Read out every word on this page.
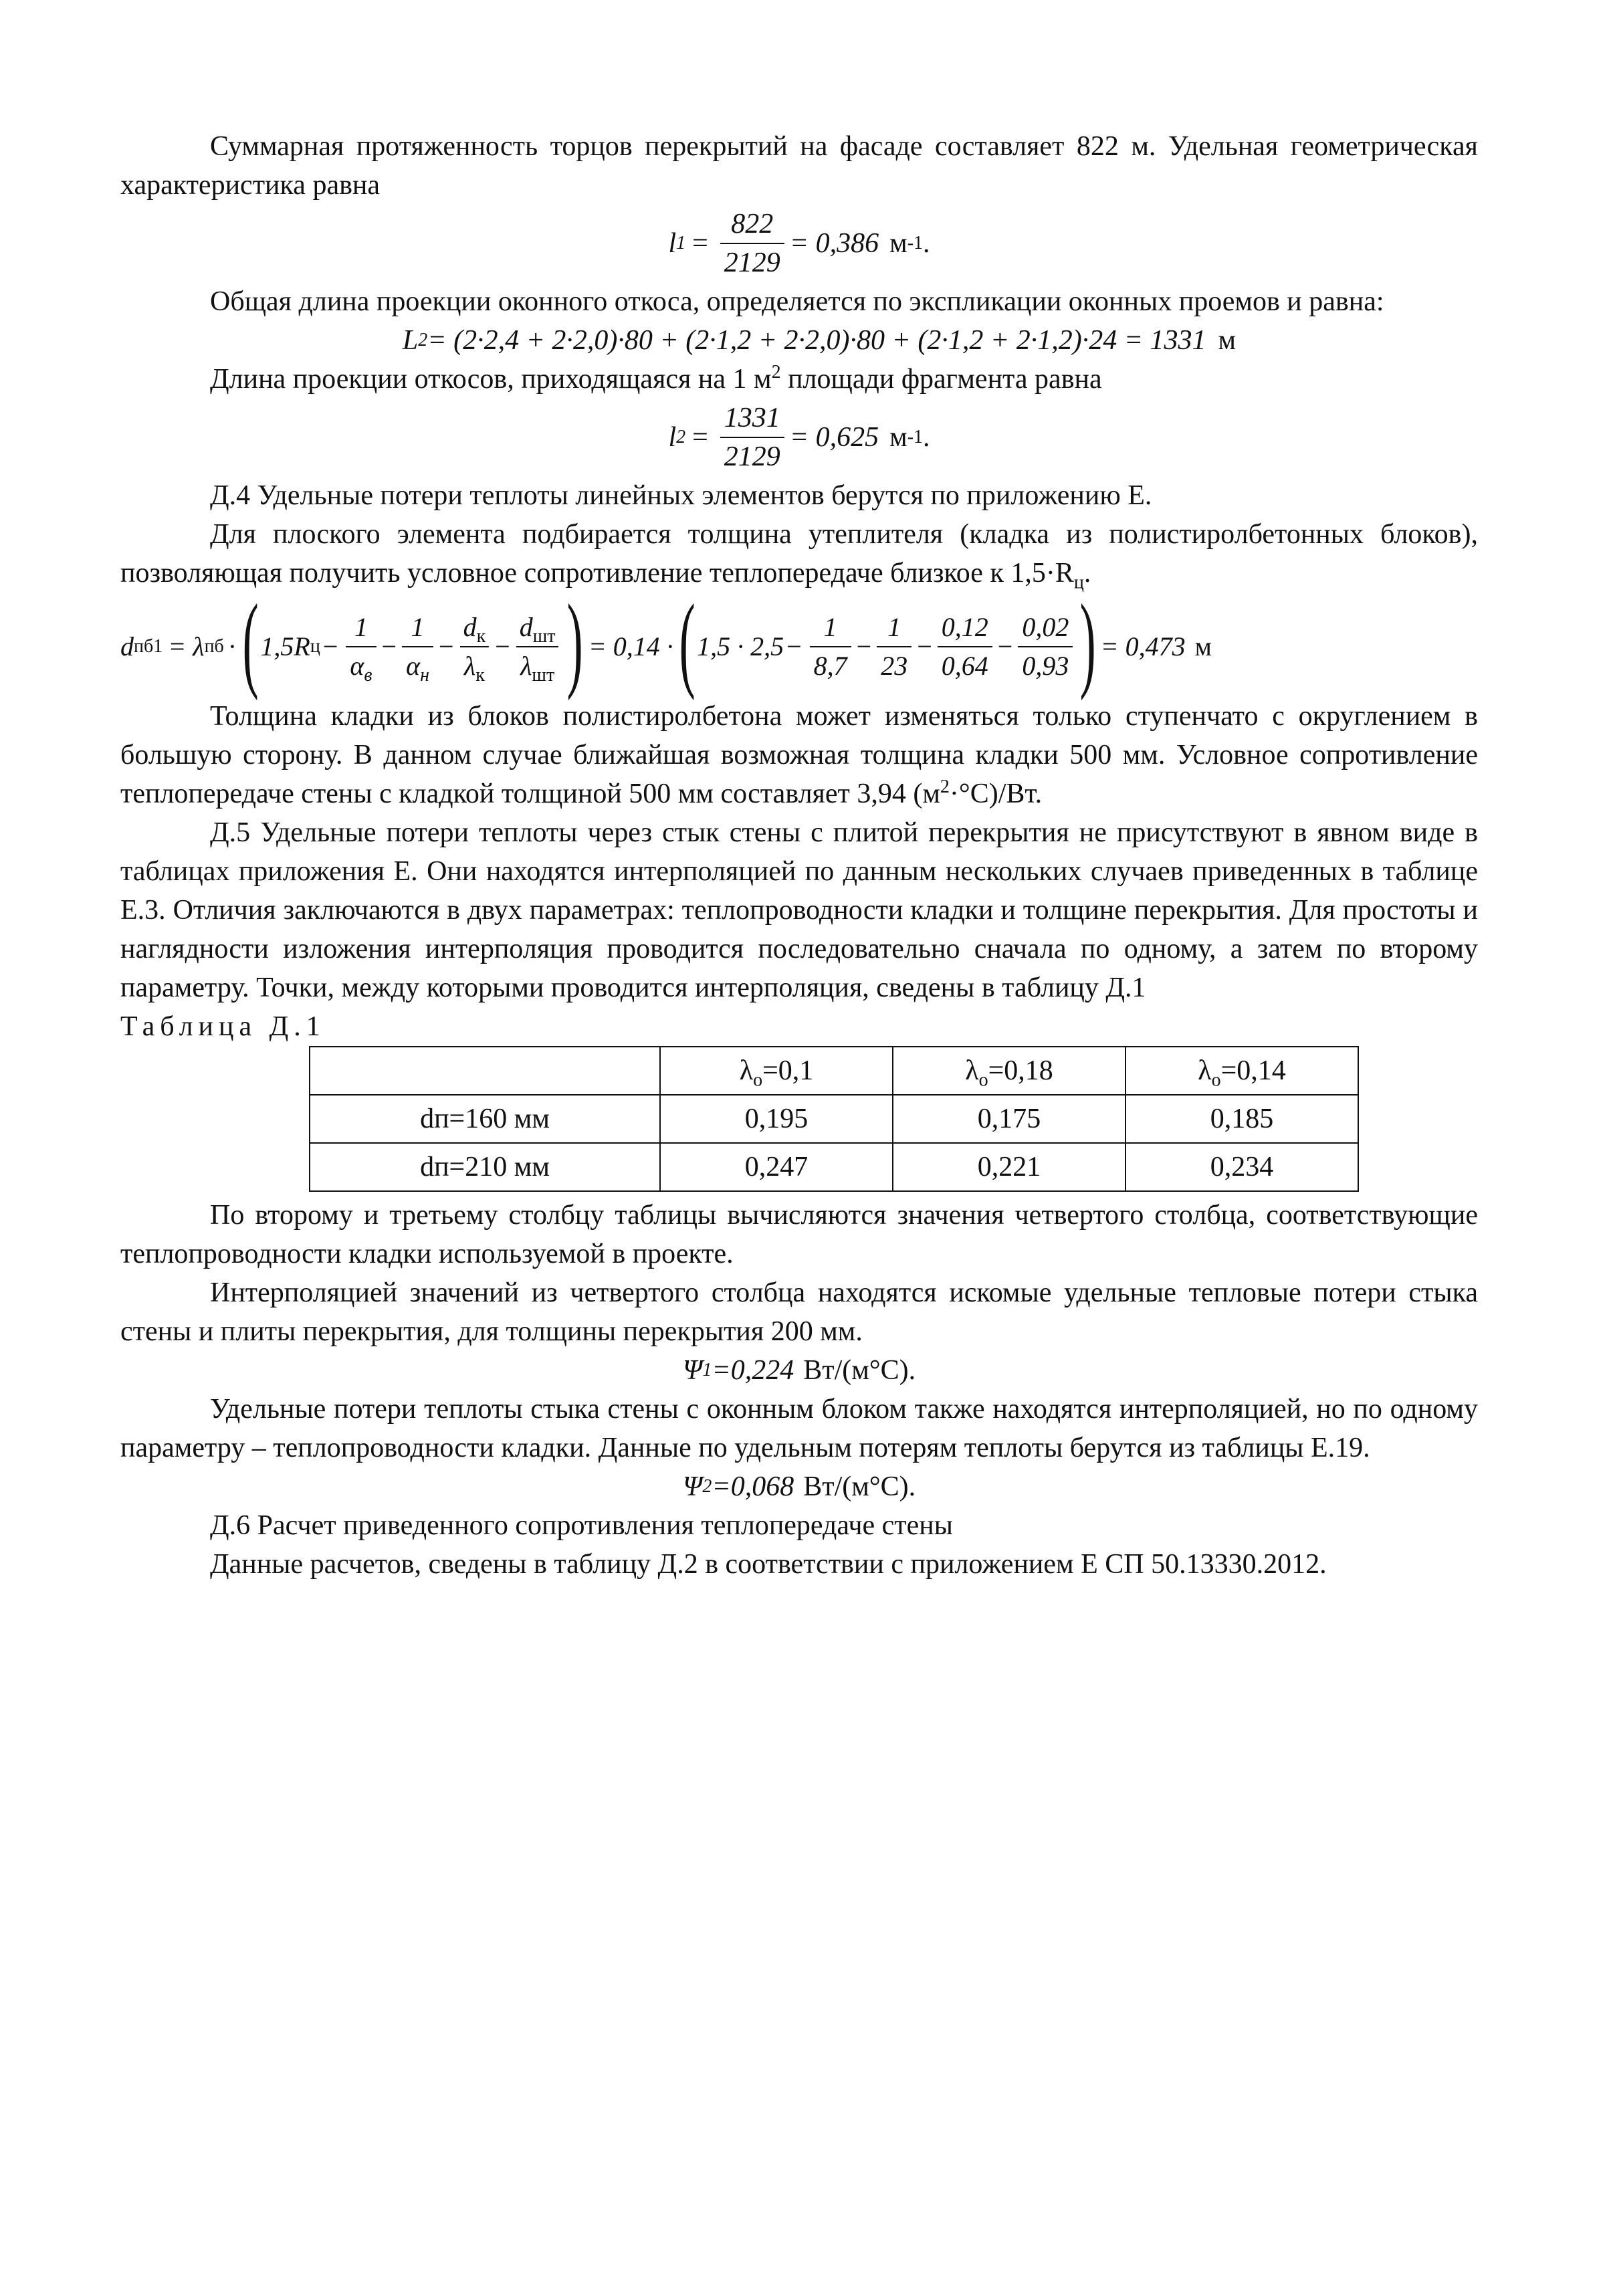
Суммарная протяженность торцов перекрытий на фасаде составляет 822 м. Удельная геометрическая характеристика равна

l $1 = \frac{822}{2129} = 0,386$ м -1 .

Общая длина проекции оконного откоса, определяется по экспликации оконных проемов и равна:

L 2 = (2·2,4 + 2·2,0)·80 + (2·1,2 + 2·2,0)·80 + (2·1,2 + 2·1,2)·24 = 1331 м

Длина проекции откосов, приходящаяся на 1 $м^2$ площади фрагмента равна

l $2 = \frac{1331}{2129} = 0,625$ м -1 .

Д.4 Удельные потери теплоты линейных элементов берутся по приложению Е.

Для плоского элемента подбирается толщина утеплителя (кладка из полистиролбетонных блоков), позволяющая получить условное сопротивление теплопередаче близкое к $1,5\cdot R_ц$.

d пб1 = λ пб · ( 1,5R ц −
1
$\alpha_в$
−
1
$\alpha_н$
−
$d_к$
$\lambda_к$
−
$d_{шт}$
$\lambda_{шт}$ ) = 0,14 · ( $1,5 \cdot 2,5 - \frac{1}{8,7} - \frac{1}{23} - \frac{0,12}{0,64} - \frac{0,02}{0,93}$ ) = 0,473 м

Толщина кладки из блоков полистиролбетона может изменяться только ступенчато с округлением в большую сторону. В данном случае ближайшая возможная толщина кладки 500 мм. Условное сопротивление теплопередаче стены с кладкой толщиной 500 мм составляет 3,94 $(м^2\cdot^\circ С)/Вт$.

Д.5 Удельные потери теплоты через стык стены с плитой перекрытия не присутствуют в явном виде в таблицах приложения Е. Они находятся интерполяцией по данным нескольких случаев приведенных в таблице Е.3. Отличия заключаются в двух параметрах: теплопроводности кладки и толщине перекрытия. Для простоты и наглядности изложения интерполяция проводится последовательно сначала по одному, а затем по второму параметру. Точки, между которыми проводится интерполяция, сведены в таблицу Д.1

Таблица Д.1

	$\lambda_о=0,1$	$\lambda_о=0,18$	$\lambda_о=0,14$
dп=160 мм	0,195	0,175	0,185
dп=210 мм	0,247	0,221	0,234

По второму и третьему столбцу таблицы вычисляются значения четвертого столбца, соответствующие теплопроводности кладки используемой в проекте.

Интерполяцией значений из четвертого столбца находятся искомые удельные тепловые потери стыка стены и плиты перекрытия, для толщины перекрытия 200 мм.

Ψ 1 =0,224 Вт/(м°С).

Удельные потери теплоты стыка стены с оконным блоком также находятся интерполяцией, но по одному параметру – теплопроводности кладки. Данные по удельным потерям теплоты берутся из таблицы Е.19.

Ψ 2 =0,068 Вт/(м°С).

Д.6 Расчет приведенного сопротивления теплопередаче стены

Данные расчетов, сведены в таблицу Д.2 в соответствии с приложением Е СП 50.13330.2012.
